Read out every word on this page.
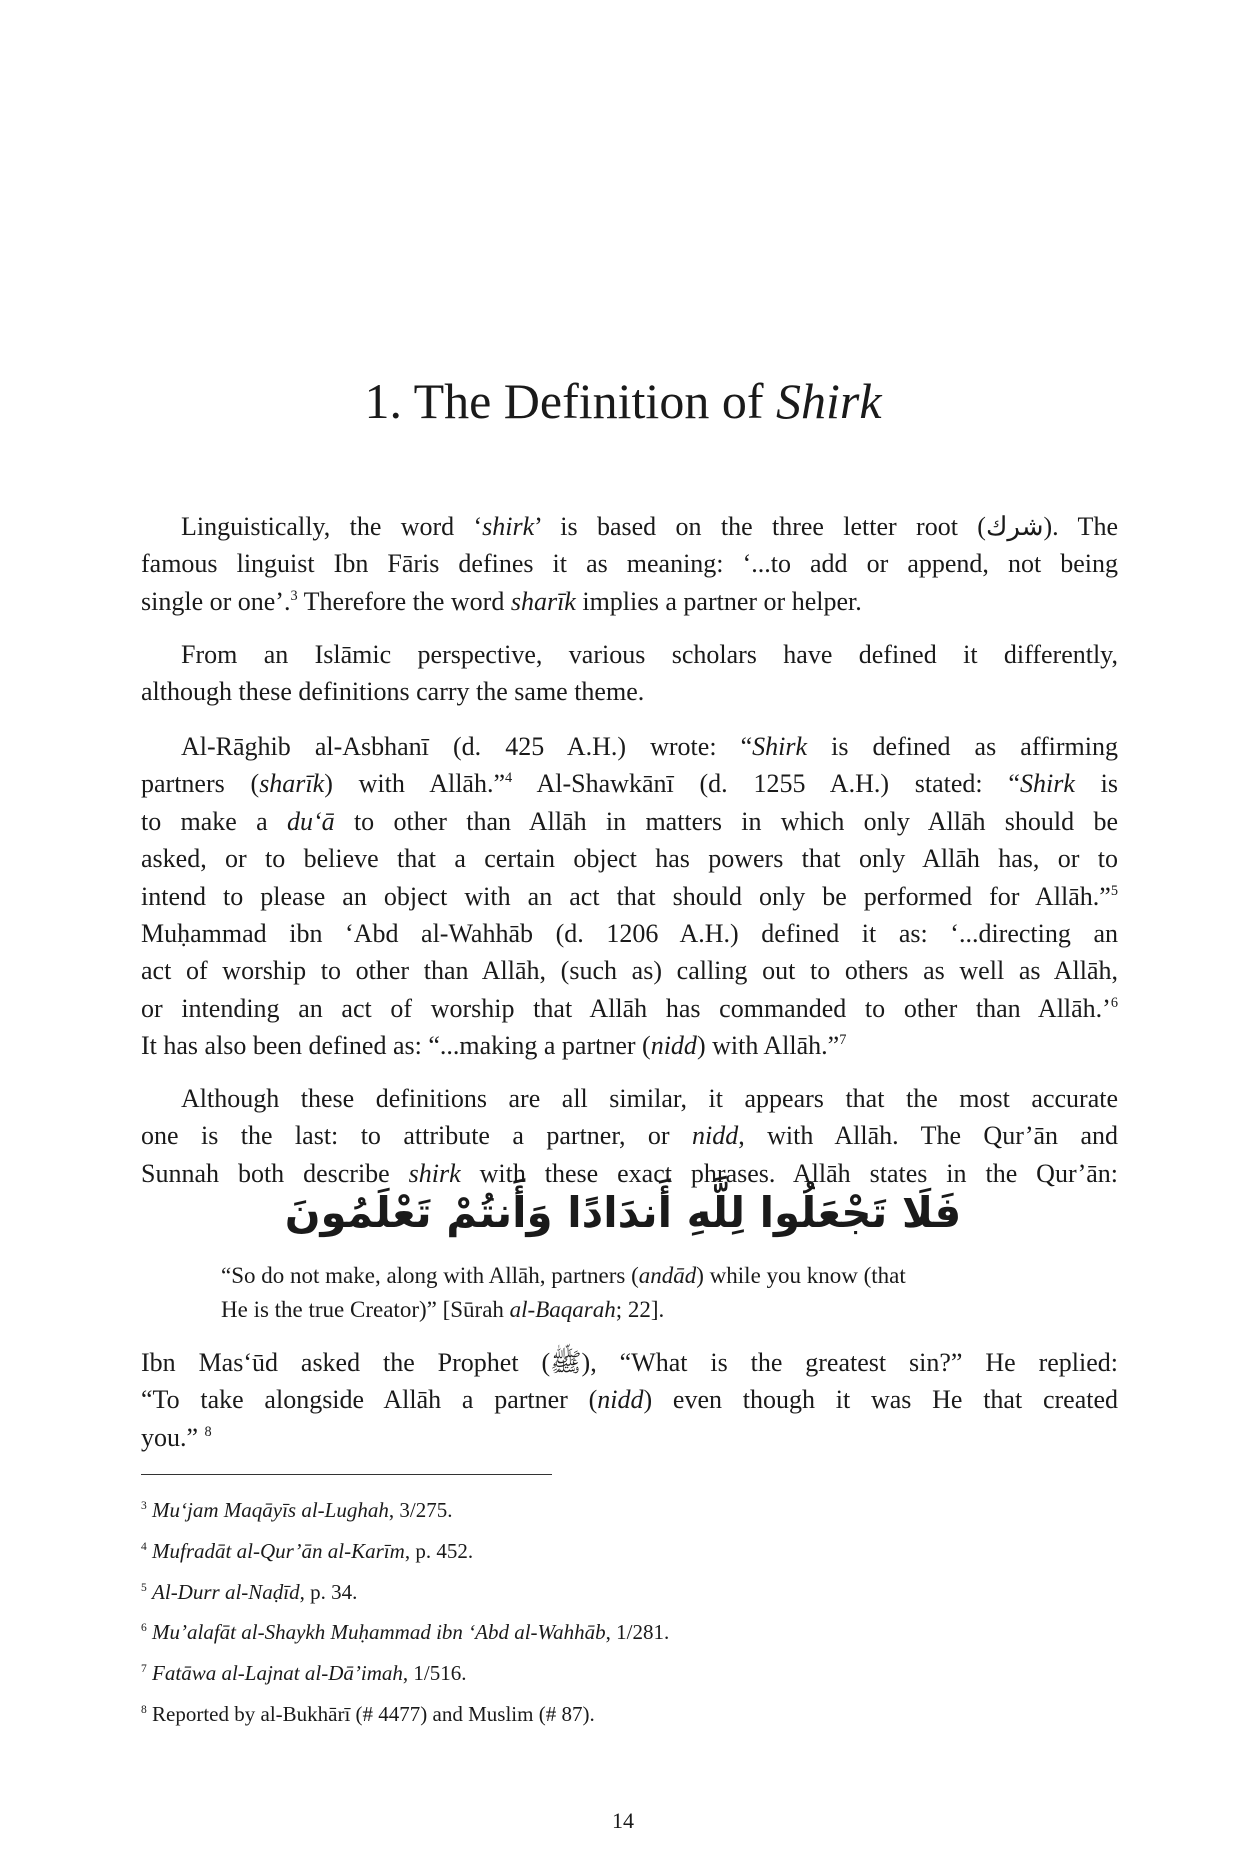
1. The Definition of Shirk
Linguistically, the word ‘shirk’ is based on the three letter root (شرك). The
famous linguist Ibn Fāris defines it as meaning: ‘...to add or append, not being
single or one’.$^3$ Therefore the word sharīk implies a partner or helper.
From an Islāmic perspective, various scholars have defined it differently,
although these definitions carry the same theme.
Al-Rāghib al-Asbhanī (d. 425 A.H.) wrote: “Shirk is defined as affirming
partners (sharīk) with Allāh.”$^4$ Al-Shawkānī (d. 1255 A.H.) stated: “Shirk is
to make a du‘ā to other than Allāh in matters in which only Allāh should be
asked, or to believe that a certain object has powers that only Allāh has, or to
intend to please an object with an act that should only be performed for Allāh.”$^5$
Muḥammad ibn ‘Abd al-Wahhāb (d. 1206 A.H.) defined it as: ‘...directing an
act of worship to other than Allāh, (such as) calling out to others as well as Allāh,
or intending an act of worship that Allāh has commanded to other than Allāh.’$^6$
It has also been defined as: “...making a partner (nidd) with Allāh.”$^7$
Although these definitions are all similar, it appears that the most accurate
one is the last: to attribute a partner, or nidd, with Allāh. The Qur’ān and
Sunnah both describe shirk with these exact phrases. Allāh states in the Qur’ān:
“So do not make, along with Allāh, partners (andād) while you know (that
He is the true Creator)” [Sūrah al-Baqarah; 22].
Ibn Mas‘ūd asked the Prophet (ﷺ), “What is the greatest sin?” He replied:
“To take alongside Allāh a partner (nidd) even though it was He that created
you.” $^8$
$^3$ Mu‘jam Maqāyīs al-Lughah, 3/275.
$^4$ Mufradāt al-Qur’ān al-Karīm, p. 452.
$^5$ Al-Durr al-Naḍīd, p. 34.
$^6$ Mu’alafāt al-Shaykh Muḥammad ibn ‘Abd al-Wahhāb, 1/281.
$^7$ Fatāwa al-Lajnat al-Dā’imah, 1/516.
$^8$ Reported by al-Bukhārī (# 4477) and Muslim (# 87).
فَلَا تَجْعَلُوا لِلَّهِ أَندَادًا وَأَنتُمْ تَعْلَمُونَ
14
